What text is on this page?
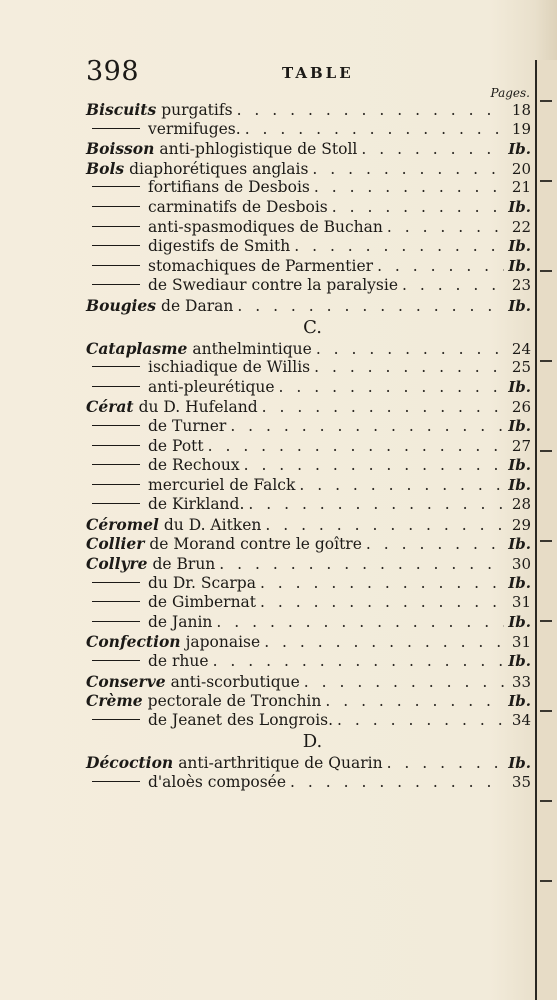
398	TABLE
Pages.
Biscuits purgatifs . . .	18
vermifuges. . . .	19
Boisson anti-phlogistique de Stoll . . .	Ib.
Bols diaphorétiques anglais . . .	20
fortifians de Desbois . . .	21
carminatifs de Desbois . . .	Ib.
anti-spasmodiques de Buchan . . .	22
digestifs de Smith . . .	Ib.
stomachiques de Parmentier . . .	Ib.
de Swediaur contre la paralysie . . .	23
Bougies de Daran . . .	Ib.
C.
Cataplasme anthelmintique . . .	24
ischiadique de Willis . . .	25
anti-pleurétique . . .	Ib.
Cérat du D. Hufeland . . .	26
de Turner . . .	Ib.
de Pott . . .	27
de Rechoux . . .	Ib.
mercuriel de Falck . . .	Ib.
de Kirkland. . . .	28
Céromel du D. Aitken . . .	29
Collier de Morand contre le goître . . .	Ib.
Collyre de Brun . . .	30
du Dr. Scarpa . . .	Ib.
de Gimbernat . . .	31
de Janin . . .	Ib.
Confection japonaise . . .	31
de rhue . . .	Ib.
Conserve anti-scorbutique . . .	33
Crème pectorale de Tronchin . . .	Ib.
de Jeanet des Longrois. . . .	34
D.
Décoction anti-arthritique de Quarin . . .	Ib.
d'aloès composée . . .	35
